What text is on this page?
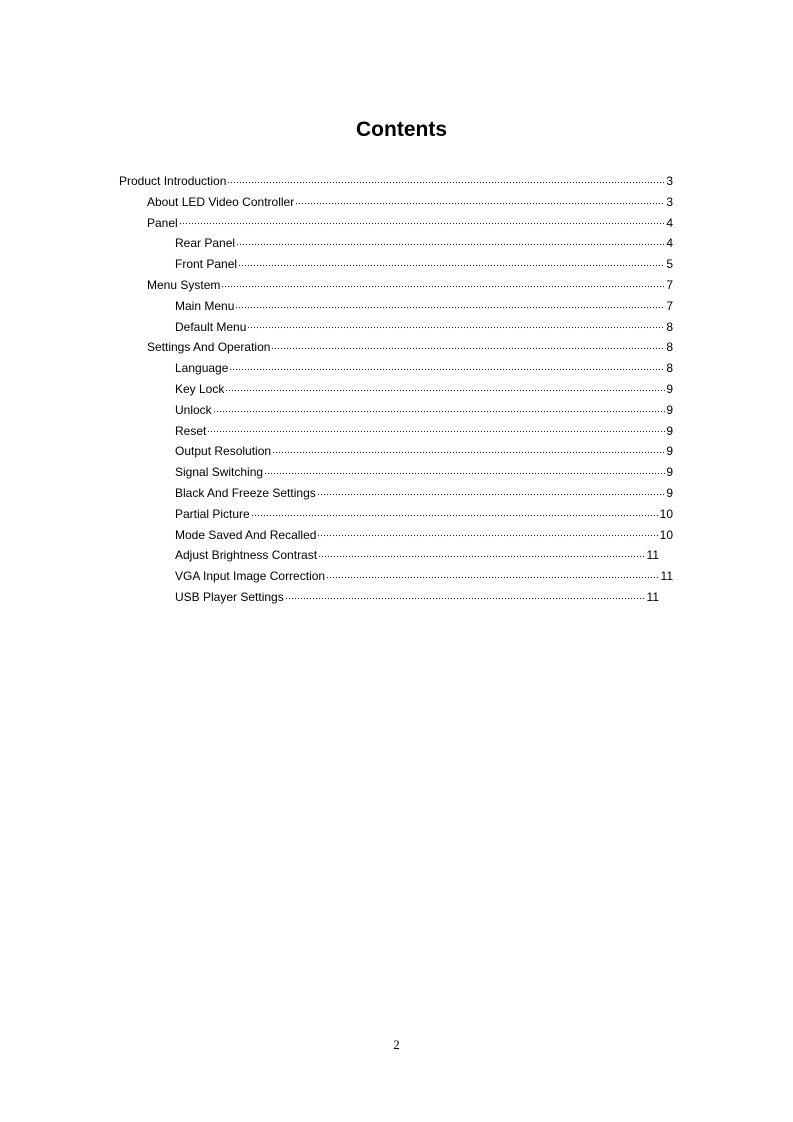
Contents
Product Introduction	3
About LED Video Controller	3
Panel	4
Rear Panel	4
Front Panel	5
Menu System	7
Main Menu	7
Default Menu	8
Settings And Operation	8
Language	8
Key Lock	9
Unlock	9
Reset	9
Output Resolution	9
Signal Switching	9
Black And Freeze Settings	9
Partial Picture	10
Mode Saved And Recalled	10
Adjust Brightness Contrast	11
VGA Input Image Correction	11
USB Player Settings	11
2
